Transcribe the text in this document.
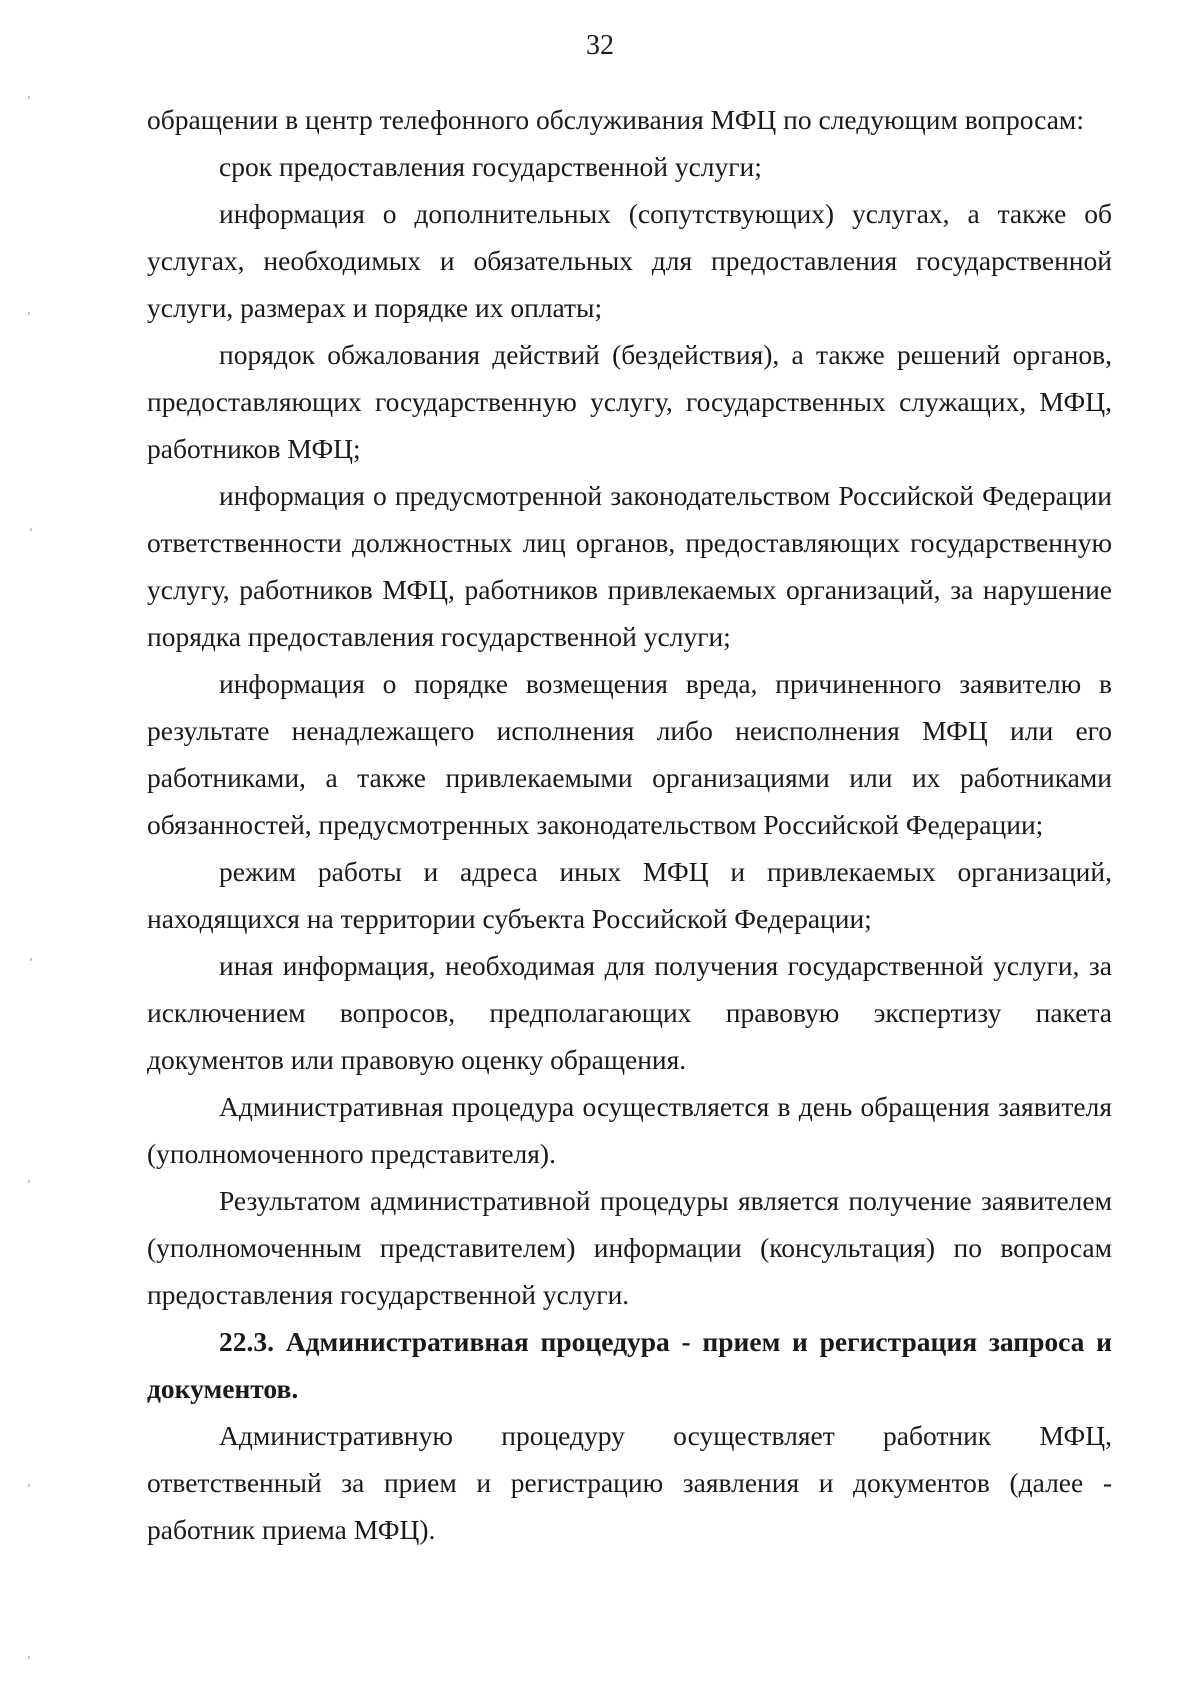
32

обращении в центр телефонного обслуживания МФЦ по следующим вопросам:

срок предоставления государственной услуги;

информация о дополнительных (сопутствующих) услугах, а также об услугах, необходимых и обязательных для предоставления государственной услуги, размерах и порядке их оплаты;

порядок обжалования действий (бездействия), а также решений органов, предоставляющих государственную услугу, государственных служащих, МФЦ, работников МФЦ;

информация о предусмотренной законодательством Российской Федерации ответственности должностных лиц органов, предоставляющих государственную услугу, работников МФЦ, работников привлекаемых организаций, за нарушение порядка предоставления государственной услуги;

информация о порядке возмещения вреда, причиненного заявителю в результате ненадлежащего исполнения либо неисполнения МФЦ или его работниками, а также привлекаемыми организациями или их работниками обязанностей, предусмотренных законодательством Российской Федерации;

режим работы и адреса иных МФЦ и привлекаемых организаций, находящихся на территории субъекта Российской Федерации;

иная информация, необходимая для получения государственной услуги, за исключением вопросов, предполагающих правовую экспертизу пакета документов или правовую оценку обращения.

Административная процедура осуществляется в день обращения заявителя (уполномоченного представителя).

Результатом административной процедуры является получение заявителем (уполномоченным представителем) информации (консультация) по вопросам предоставления государственной услуги.

22.3. Административная процедура - прием и регистрация запроса и документов.

Административную процедуру осуществляет работник МФЦ, ответственный за прием и регистрацию заявления и документов (далее - работник приема МФЦ).
